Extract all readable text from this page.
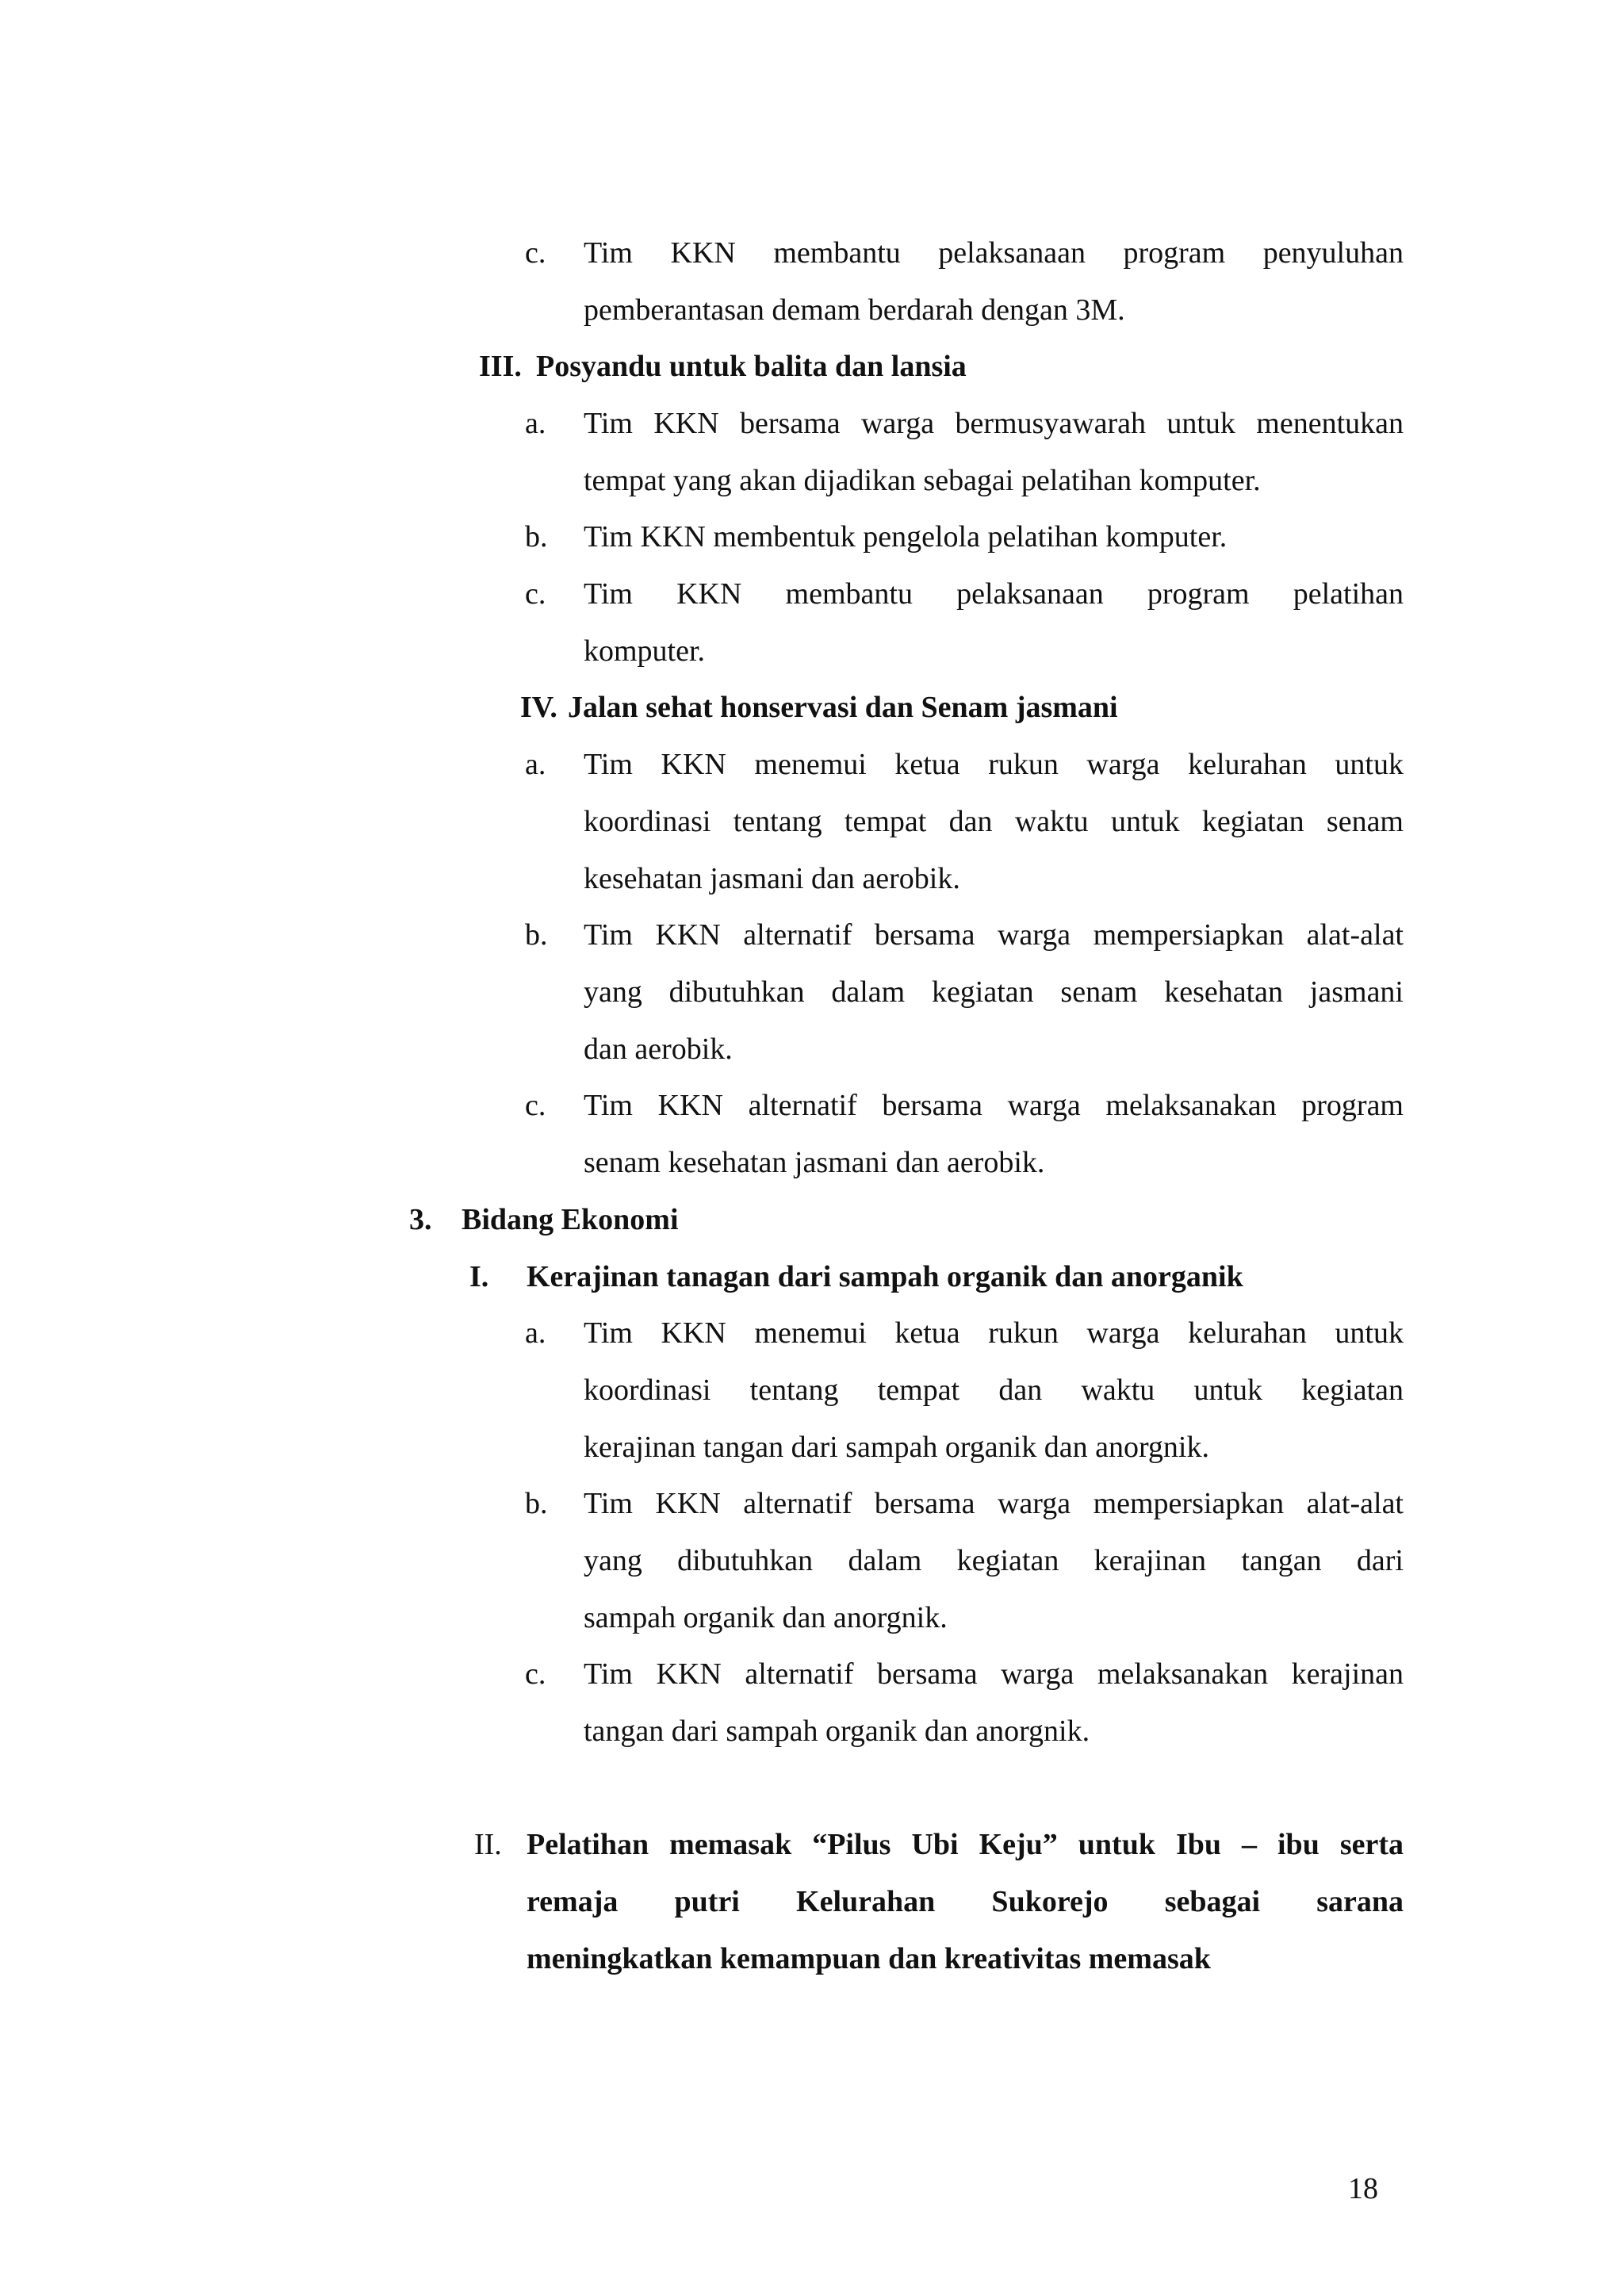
c. Tim KKN membantu pelaksanaan program penyuluhan
pemberantasan demam berdarah dengan 3M.
III. Posyandu untuk balita dan lansia
a. Tim KKN bersama warga bermusyawarah untuk menentukan
tempat yang akan dijadikan sebagai pelatihan komputer.
b. Tim KKN membentuk pengelola pelatihan komputer.
c. Tim KKN membantu pelaksanaan program pelatihan
komputer.
IV. Jalan sehat honservasi dan Senam jasmani
a. Tim KKN menemui ketua rukun warga kelurahan untuk
koordinasi tentang tempat dan waktu untuk kegiatan senam
kesehatan jasmani dan aerobik.
b. Tim KKN alternatif bersama warga mempersiapkan alat-alat
yang dibutuhkan dalam kegiatan senam kesehatan jasmani
dan aerobik.
c. Tim KKN alternatif bersama warga melaksanakan program
senam kesehatan jasmani dan aerobik.
3. Bidang Ekonomi
I. Kerajinan tanagan dari sampah organik dan anorganik
a. Tim KKN menemui ketua rukun warga kelurahan untuk
koordinasi tentang tempat dan waktu untuk kegiatan
kerajinan tangan dari sampah organik dan anorgnik.
b. Tim KKN alternatif bersama warga mempersiapkan alat-alat
yang dibutuhkan dalam kegiatan kerajinan tangan dari
sampah organik dan anorgnik.
c. Tim KKN alternatif bersama warga melaksanakan kerajinan
tangan dari sampah organik dan anorgnik.
II. Pelatihan memasak “Pilus Ubi Keju” untuk Ibu – ibu serta
remaja putri Kelurahan Sukorejo sebagai sarana
meningkatkan kemampuan dan kreativitas memasak
18
